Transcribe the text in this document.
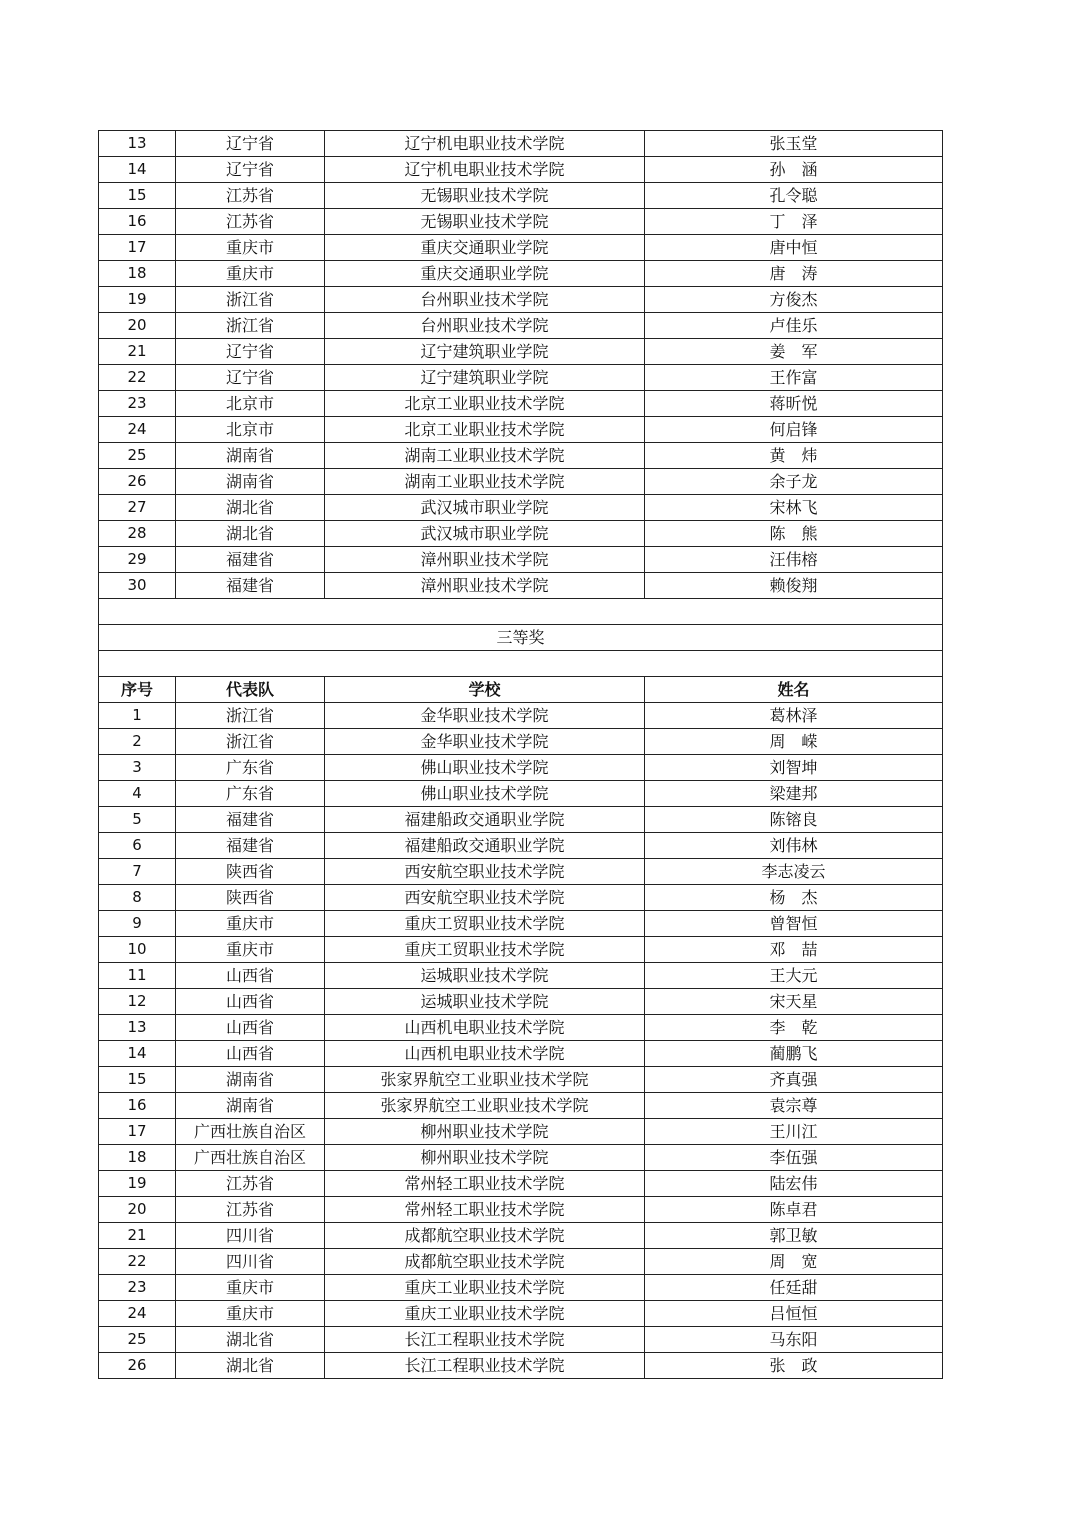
13	辽宁省	辽宁机电职业技术学院	张玉堂
14	辽宁省	辽宁机电职业技术学院	孙　涵
15	江苏省	无锡职业技术学院	孔令聪
16	江苏省	无锡职业技术学院	丁　泽
17	重庆市	重庆交通职业学院	唐中恒
18	重庆市	重庆交通职业学院	唐　涛
19	浙江省	台州职业技术学院	方俊杰
20	浙江省	台州职业技术学院	卢佳乐
21	辽宁省	辽宁建筑职业学院	姜　军
22	辽宁省	辽宁建筑职业学院	王作富
23	北京市	北京工业职业技术学院	蒋昕悦
24	北京市	北京工业职业技术学院	何启锋
25	湖南省	湖南工业职业技术学院	黄　炜
26	湖南省	湖南工业职业技术学院	余子龙
27	湖北省	武汉城市职业学院	宋林飞
28	湖北省	武汉城市职业学院	陈　熊
29	福建省	漳州职业技术学院	汪伟榕
30	福建省	漳州职业技术学院	赖俊翔

三等奖			

序号	代表队	学校	姓名
1	浙江省	金华职业技术学院	葛林泽
2	浙江省	金华职业技术学院	周　嵘
3	广东省	佛山职业技术学院	刘智坤
4	广东省	佛山职业技术学院	梁建邦
5	福建省	福建船政交通职业学院	陈镕良
6	福建省	福建船政交通职业学院	刘伟林
7	陕西省	西安航空职业技术学院	李志凌云
8	陕西省	西安航空职业技术学院	杨　杰
9	重庆市	重庆工贸职业技术学院	曾智恒
10	重庆市	重庆工贸职业技术学院	邓　喆
11	山西省	运城职业技术学院	王大元
12	山西省	运城职业技术学院	宋天星
13	山西省	山西机电职业技术学院	李　乾
14	山西省	山西机电职业技术学院	蔺鹏飞
15	湖南省	张家界航空工业职业技术学院	齐真强
16	湖南省	张家界航空工业职业技术学院	袁宗尊
17	广西壮族自治区	柳州职业技术学院	王川江
18	广西壮族自治区	柳州职业技术学院	李伍强
19	江苏省	常州轻工职业技术学院	陆宏伟
20	江苏省	常州轻工职业技术学院	陈卓君
21	四川省	成都航空职业技术学院	郭卫敏
22	四川省	成都航空职业技术学院	周　宽
23	重庆市	重庆工业职业技术学院	任廷甜
24	重庆市	重庆工业职业技术学院	吕恒恒
25	湖北省	长江工程职业技术学院	马东阳
26	湖北省	长江工程职业技术学院	张　政
